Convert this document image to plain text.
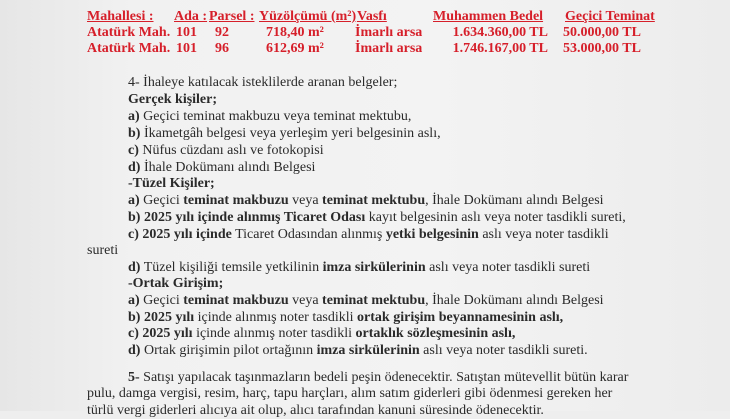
Mahallesi : Ada : Parsel : Yüzölçümü (m²) Vasfı	Muhammen Bedel Geçici Teminat
Atatürk Mah. 101 92	718,40 m² İmarlı arsa	1.634.360,00 TL 50.000,00 TL
Atatürk Mah. 101 96	612,69 m² İmarlı arsa	1.746.167,00 TL 53.000,00 TL
4- İhaleye katılacak isteklilerde aranan belgeler;
Gerçek kişiler;
a) Geçici teminat makbuzu veya teminat mektubu,
b) İkametgâh belgesi veya yerleşim yeri belgesinin aslı,
c) Nüfus cüzdanı aslı ve fotokopisi
d) İhale Dokümanı alındı Belgesi
-Tüzel Kişiler;
a) Geçici teminat makbuzu veya teminat mektubu, İhale Dokümanı alındı Belgesi
b) 2025 yılı içinde alınmış Ticaret Odası kayıt belgesinin aslı veya noter tasdikli sureti,
c) 2025 yılı içinde Ticaret Odasından alınmış yetki belgesinin aslı veya noter tasdikli
sureti
d) Tüzel kişiliği temsile yetkilinin imza sirkülerinin aslı veya noter tasdikli sureti
-Ortak Girişim;
a) Geçici teminat makbuzu veya teminat mektubu, İhale Dokümanı alındı Belgesi
b) 2025 yılı içinde alınmış noter tasdikli ortak girişim beyannamesinin aslı,
c) 2025 yılı içinde alınmış noter tasdikli ortaklık sözleşmesinin aslı,
d) Ortak girişimin pilot ortağının imza sirkülerinin aslı veya noter tasdikli sureti.
5- Satışı yapılacak taşınmazların bedeli peşin ödenecektir. Satıştan mütevellit bütün karar
pulu, damga vergisi, resim, harç, tapu harçları, alım satım giderleri gibi ödenmesi gereken her
türlü vergi giderleri alıcıya ait olup, alıcı tarafından kanuni süresinde ödenecektir.
